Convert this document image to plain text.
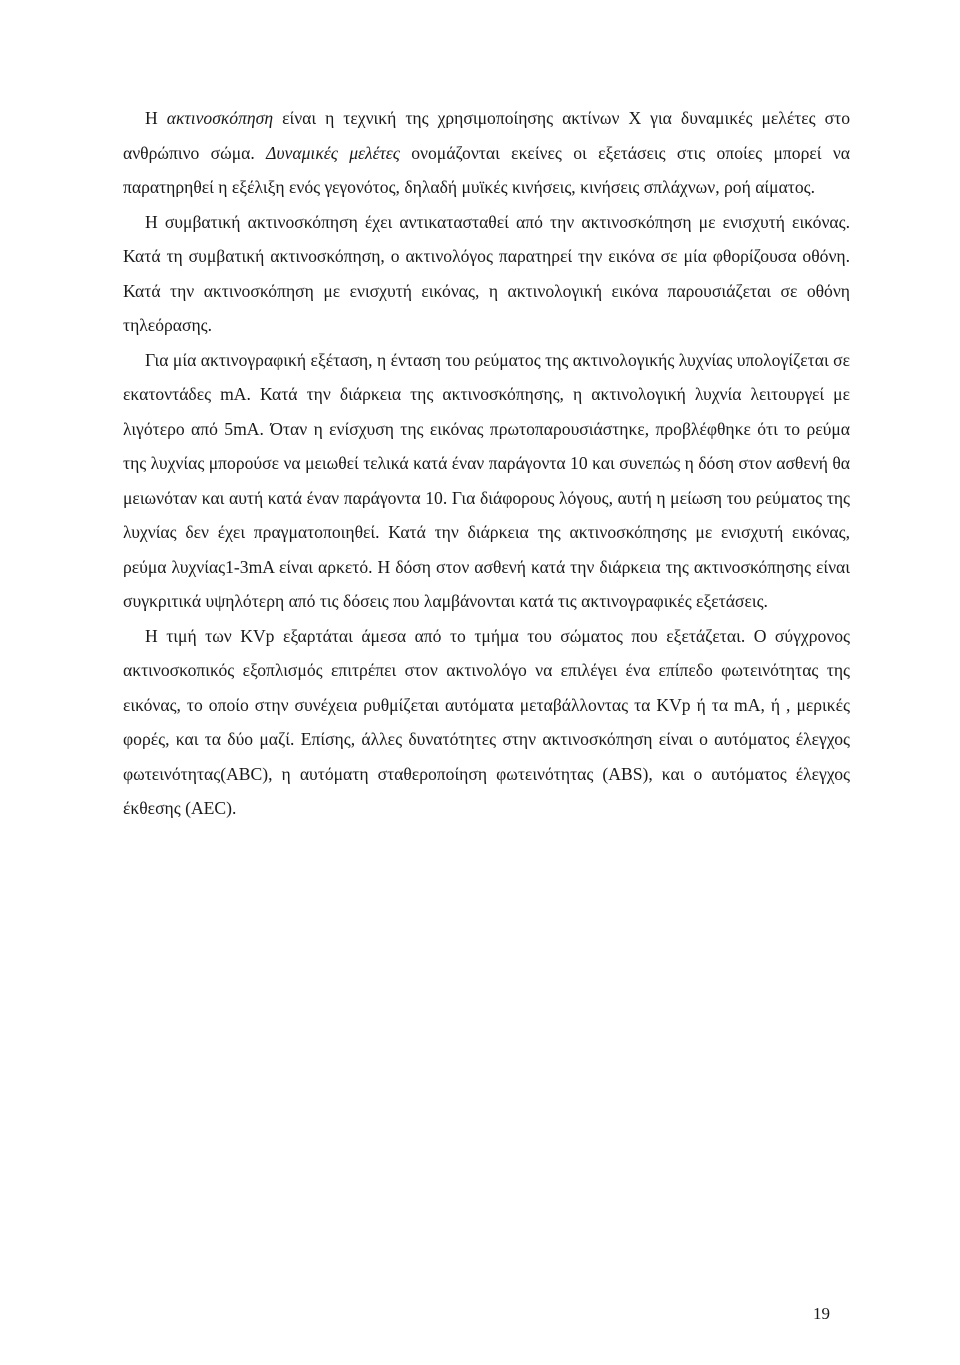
Η ακτινοσκόπηση είναι η τεχνική της χρησιμοποίησης ακτίνων X για δυναμικές μελέτες στο ανθρώπινο σώμα. Δυναμικές μελέτες ονομάζονται εκείνες οι εξετάσεις στις οποίες μπορεί να παρατηρηθεί η εξέλιξη ενός γεγονότος, δηλαδή μυϊκές κινήσεις, κινήσεις σπλάχνων, ροή αίματος.

Η συμβατική ακτινοσκόπηση έχει αντικατασταθεί από την ακτινοσκόπηση με ενισχυτή εικόνας. Κατά τη συμβατική ακτινοσκόπηση, ο ακτινολόγος παρατηρεί την εικόνα σε μία φθορίζουσα οθόνη. Κατά την ακτινοσκόπηση με ενισχυτή εικόνας, η ακτινολογική εικόνα παρουσιάζεται σε οθόνη τηλεόρασης.

Για μία ακτινογραφική εξέταση, η ένταση του ρεύματος της ακτινολογικής λυχνίας υπολογίζεται σε εκατοντάδες mA. Κατά την διάρκεια της ακτινοσκόπησης, η ακτινολογική λυχνία λειτουργεί με λιγότερο από 5mA. Όταν η ενίσχυση της εικόνας πρωτοπαρουσιάστηκε, προβλέφθηκε ότι το ρεύμα της λυχνίας μπορούσε να μειωθεί τελικά κατά έναν παράγοντα 10 και συνεπώς η δόση στον ασθενή θα μειωνόταν και αυτή κατά έναν παράγοντα 10. Για διάφορους λόγους, αυτή η μείωση του ρεύματος της λυχνίας δεν έχει πραγματοποιηθεί. Κατά την διάρκεια της ακτινοσκόπησης με ενισχυτή εικόνας, ρεύμα λυχνίας1-3mA είναι αρκετό. Η δόση στον ασθενή κατά την διάρκεια της ακτινοσκόπησης είναι συγκριτικά υψηλότερη από τις δόσεις που λαμβάνονται κατά τις ακτινογραφικές εξετάσεις.

Η τιμή των KVp εξαρτάται άμεσα από το τμήμα του σώματος που εξετάζεται. Ο σύγχρονος ακτινοσκοπικός εξοπλισμός επιτρέπει στον ακτινολόγο να επιλέγει ένα επίπεδο φωτεινότητας της εικόνας, το οποίο στην συνέχεια ρυθμίζεται αυτόματα μεταβάλλοντας τα KVp ή τα mA, ή , μερικές φορές, και τα δύο μαζί. Επίσης, άλλες δυνατότητες στην ακτινοσκόπηση είναι ο αυτόματος έλεγχος φωτεινότητας(ABC), η αυτόματη σταθεροποίηση φωτεινότητας (ABS), και ο αυτόματος έλεγχος έκθεσης (AEC).

19
